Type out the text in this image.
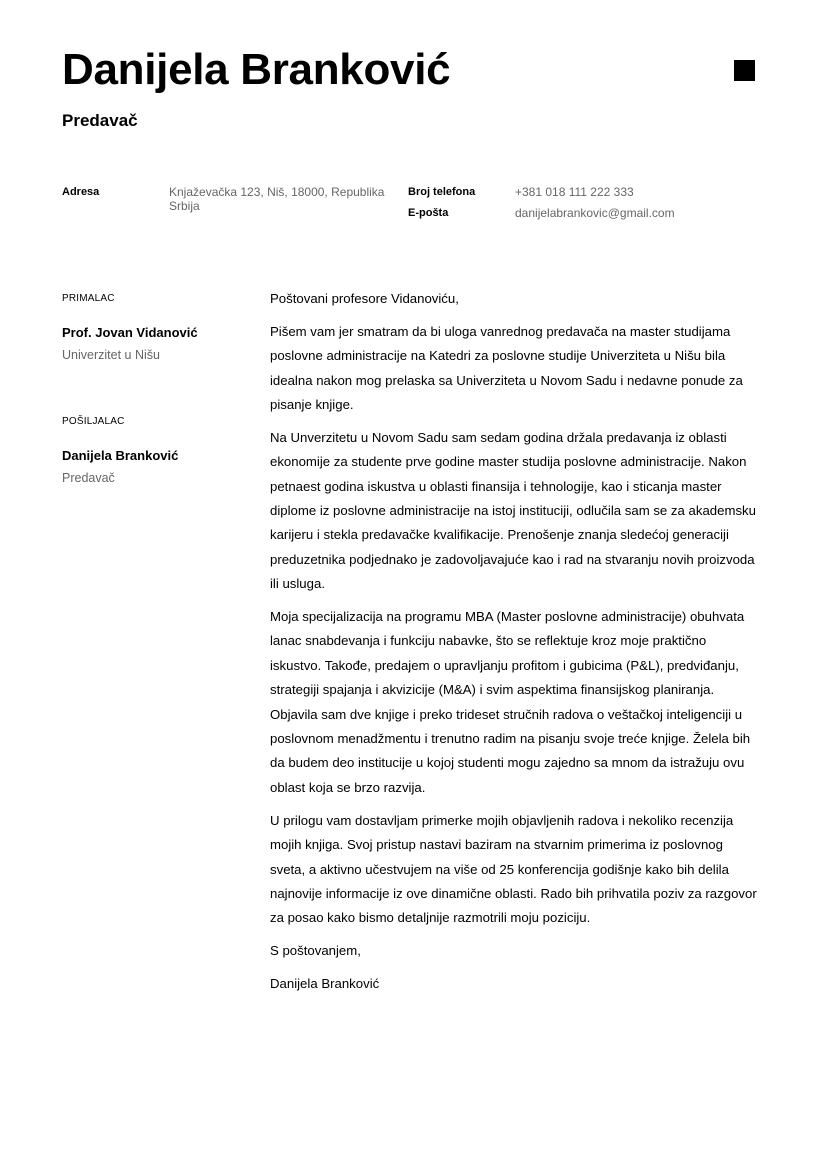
Danijela Branković
Predavač
Adresa	Knjaževačka 123, Niš, 18000, Republika
Srbija
Broj telefona	+381 018 111 222 333
E-pošta	danijelabrankovic@gmail.com
PRIMALAC
Prof. Jovan Vidanović
Univerzitet u Nišu
POŠILJALAC
Danijela Branković
Predavač

Poštovani profesore Vidanoviću,

Pišem vam jer smatram da bi uloga vanrednog predavača na master studijama poslovne administracije na Katedri za poslovne studije Univerziteta u Nišu bila idealna nakon mog prelaska sa Univerziteta u Novom Sadu i nedavne ponude za pisanje knjige.

Na Unverzitetu u Novom Sadu sam sedam godina držala predavanja iz oblasti ekonomije za studente prve godine master studija poslovne administracije. Nakon petnaest godina iskustva u oblasti finansija i tehnologije, kao i sticanja master diplome iz poslovne administracije na istoj instituciji, odlučila sam se za akademsku karijeru i stekla predavačke kvalifikacije. Prenošenje znanja sledećoj generaciji preduzetnika podjednako je zadovoljavajuće kao i rad na stvaranju novih proizvoda ili usluga.

Moja specijalizacija na programu MBA (Master poslovne administracije) obuhvata lanac snabdevanja i funkciju nabavke, što se reflektuje kroz moje praktično iskustvo. Takođe, predajem o upravljanju profitom i gubicima (P&L), predviđanju, strategiji spajanja i akvizicije (M&A) i svim aspektima finansijskog planiranja. Objavila sam dve knjige i preko trideset stručnih radova o veštačkoj inteligenciji u poslovnom menadžmentu i trenutno radim na pisanju svoje treće knjige. Želela bih da budem deo institucije u kojoj studenti mogu zajedno sa mnom da istražuju ovu oblast koja se brzo razvija.

U prilogu vam dostavljam primerke mojih objavljenih radova i nekoliko recenzija mojih knjiga. Svoj pristup nastavi baziram na stvarnim primerima iz poslovnog sveta, a aktivno učestvujem na više od 25 konferencija godišnje kako bih delila najnovije informacije iz ove dinamične oblasti. Rado bih prihvatila poziv za razgovor za posao kako bismo detaljnije razmotrili moju poziciju.

S poštovanjem,

Danijela Branković
